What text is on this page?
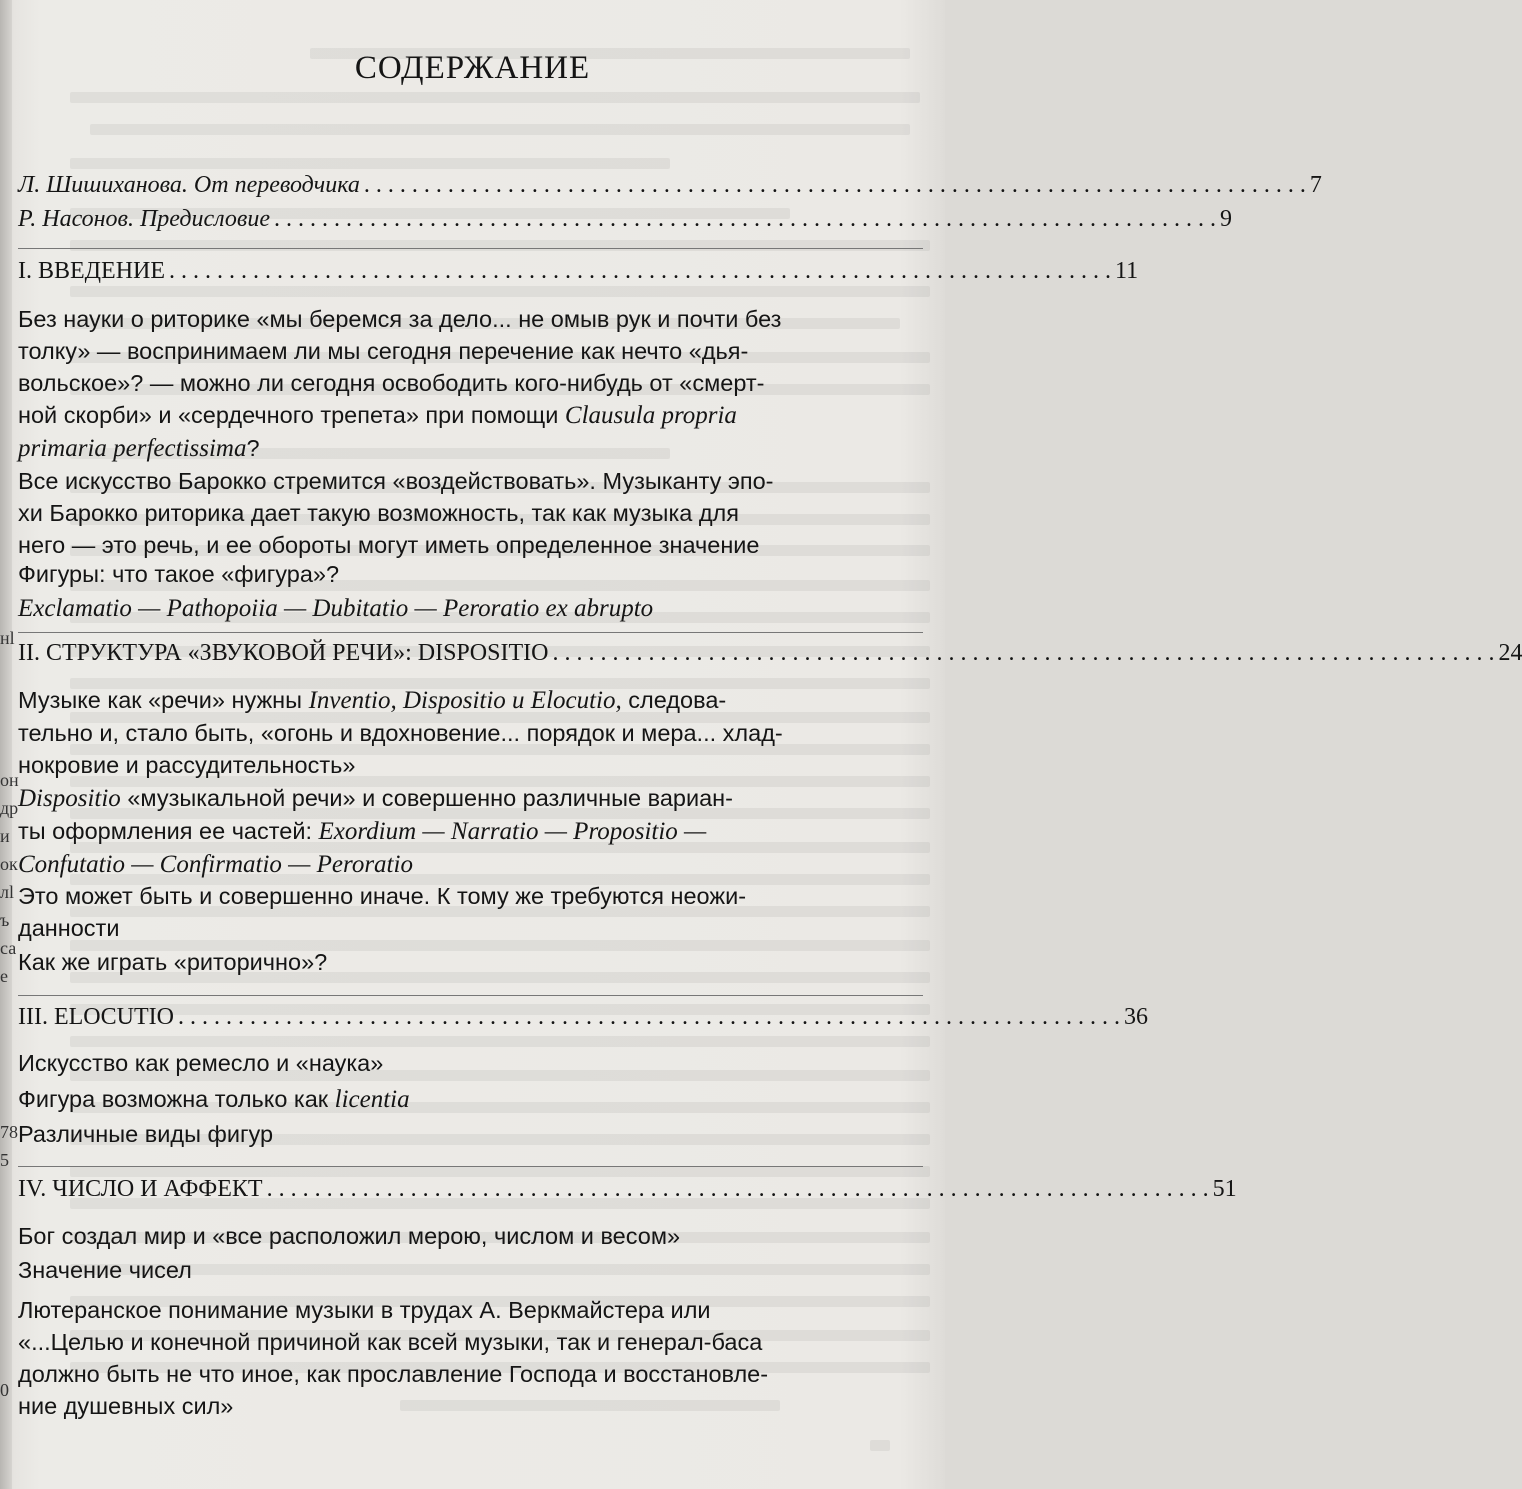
нl
он
др
и
ок
лl
ъ
са
е
78
5
0
СОДЕРЖАНИЕ
Л. Шишиханова. От переводчика . . .	7
Р. Насонов. Предисловие . . .	9
I. ВВЕДЕНИЕ . . .	11
Без науки о риторике «мы беремся за дело... не омыв рук и почти без
толку» — воспринимаем ли мы сегодня перечение как нечто «дья-
вольское»? — можно ли сегодня освободить кого-нибудь от «смерт-
ной скорби» и «сердечного трепета» при помощи Clausula propria
primaria perfectissima?
Все искусство Барокко стремится «воздействовать». Музыканту эпо-
хи Барокко риторика дает такую возможность, так как музыка для
него — это речь, и ее обороты могут иметь определенное значение
Фигуры: что такое «фигура»?
Exclamatio — Pathopoiia — Dubitatio — Peroratio ex abrupto
II. СТРУКТУРА «ЗВУКОВОЙ РЕЧИ»: DISPOSITIO . . .	24
Музыке как «речи» нужны Inventio, Dispositio и Elocutio, следова-
тельно и, стало быть, «огонь и вдохновение... порядок и мера... хлад-
нокровие и рассудительность»
Dispositio «музыкальной речи» и совершенно различные вариан-
ты оформления ее частей: Exordium — Narratio — Propositio —
Confutatio — Confirmatio — Peroratio
Это может быть и совершенно иначе. К тому же требуются неожи-
данности
Как же играть «риторично»?
III. ELOCUTIO . . .	36
Искусство как ремесло и «наука»
Фигура возможна только как licentia
Различные виды фигур
IV. ЧИСЛО И АФФЕКТ . . .	51
Бог создал мир и «все расположил мерою, числом и весом»
Значение чисел
Лютеранское понимание музыки в трудах А. Веркмайстера или
«...Целью и конечной причиной как всей музыки, так и генерал-баса
должно быть не что иное, как прославление Господа и восстановле-
ние душевных сил»
